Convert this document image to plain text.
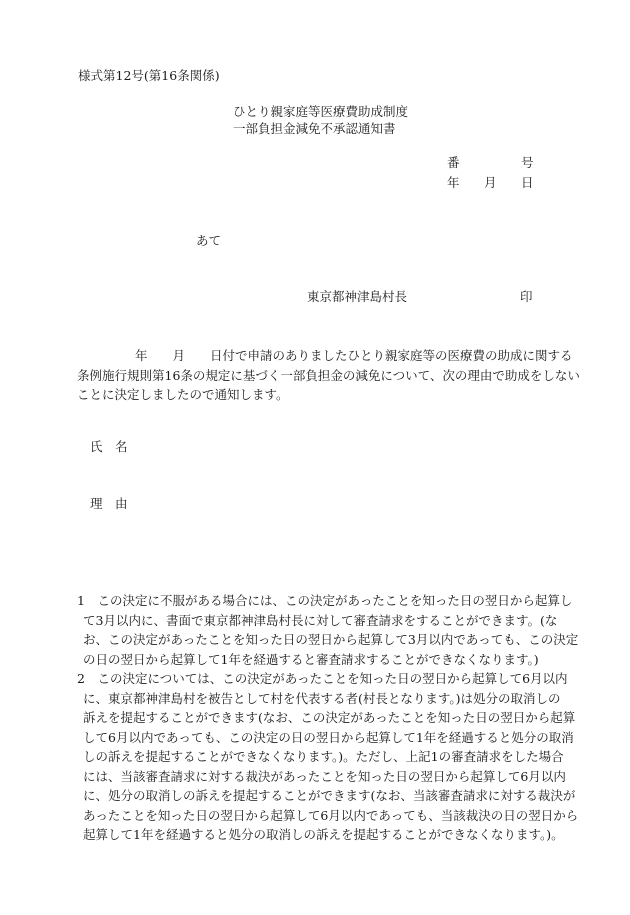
様式第12号(第16条関係)
ひとり親家庭等医療費助成制度
一部負担金減免不承認通知書
番	号
年 月 日
あて
東京都神津島村長	印
年 月 日付で申請のありましたひとり親家庭等の医療費の助成に関する
条例施行規則第16条の規定に基づく一部負担金の減免について、次の理由で助成をしない
ことに決定しましたので通知します。
氏　名
理　由
1　この決定に不服がある場合には、この決定があったことを知った日の翌日から起算し
て3月以内に、書面で東京都神津島村長に対して審査請求をすることができます。(な
お、この決定があったことを知った日の翌日から起算して3月以内であっても、この決定
の日の翌日から起算して1年を経過すると審査請求することができなくなります。)
2　この決定については、この決定があったことを知った日の翌日から起算して6月以内
に、東京都神津島村を被告として村を代表する者(村長となります。)は処分の取消しの
訴えを提起することができます(なお、この決定があったことを知った日の翌日から起算
して6月以内であっても、この決定の日の翌日から起算して1年を経過すると処分の取消
しの訴えを提起することができなくなります。)。ただし、上記1の審査請求をした場合
には、当該審査請求に対する裁決があったことを知った日の翌日から起算して6月以内
に、処分の取消しの訴えを提起することができます(なお、当該審査請求に対する裁決が
あったことを知った日の翌日から起算して6月以内であっても、当該裁決の日の翌日から
起算して1年を経過すると処分の取消しの訴えを提起することができなくなります。)。
